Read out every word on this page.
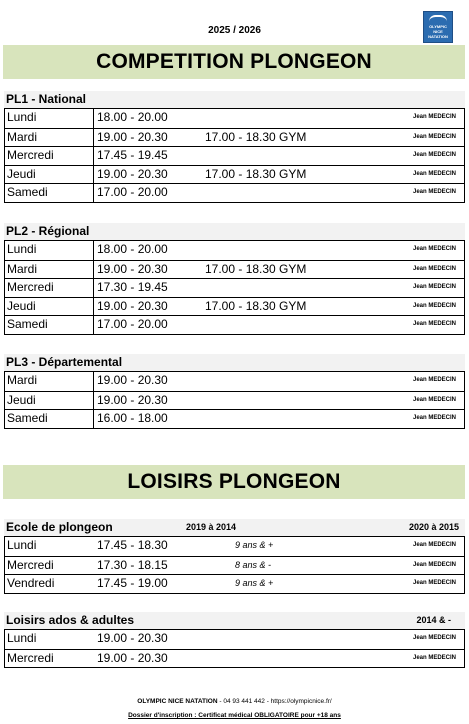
2025 / 2026	OLYMPIC
NICE
NATATION
COMPETITION PLONGEON
PL1 - National
Lundi	18.00 - 20.00	Jean MEDECIN
Mardi	19.00 - 20.30	17.00 - 18.30 GYM	Jean MEDECIN
Mercredi	17.45 - 19.45	Jean MEDECIN
Jeudi	19.00 - 20.30	17.00 - 18.30 GYM	Jean MEDECIN
Samedi	17.00 - 20.00	Jean MEDECIN
PL2 - Régional
Lundi	18.00 - 20.00	Jean MEDECIN
Mardi	19.00 - 20.30	17.00 - 18.30 GYM	Jean MEDECIN
Mercredi	17.30 - 19.45	Jean MEDECIN
Jeudi	19.00 - 20.30	17.00 - 18.30 GYM	Jean MEDECIN
Samedi	17.00 - 20.00	Jean MEDECIN
PL3 - Départemental
Mardi	19.00 - 20.30	Jean MEDECIN
Jeudi	19.00 - 20.30	Jean MEDECIN
Samedi	16.00 - 18.00	Jean MEDECIN
LOISIRS PLONGEON
Ecole de plongeon	2019 à 2014	2020 à 2015
Lundi	17.45 - 18.30	9 ans & +	Jean MEDECIN
Mercredi	17.30 - 18.15	8 ans & -	Jean MEDECIN
Vendredi	17.45 - 19.00	9 ans & +	Jean MEDECIN
Loisirs ados & adultes	2014 & -
Lundi	19.00 - 20.30	Jean MEDECIN
Mercredi	19.00 - 20.30	Jean MEDECIN
OLYMPIC NICE NATATION - 04 93 441 442 - https://olympicnice.fr/
Dossier d'inscription : Certificat médical OBLIGATOIRE pour +18 ans
